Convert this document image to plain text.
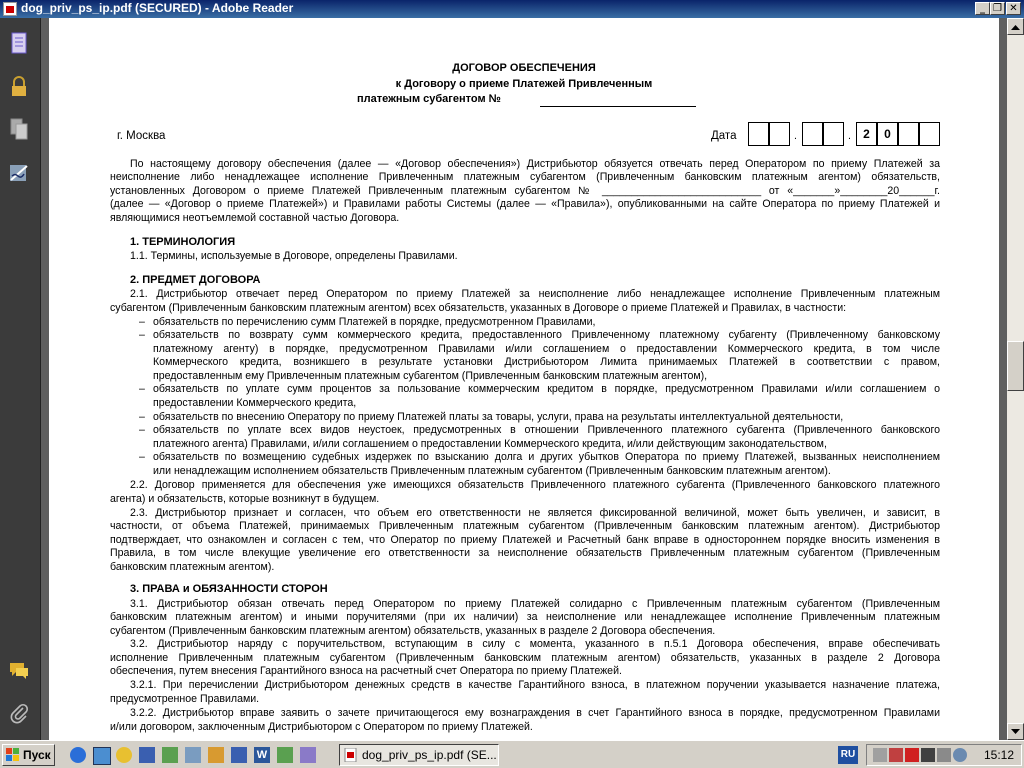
dog_priv_ps_ip.pdf (SECURED) - Adobe Reader	_ ❐ ✕
ДОГОВОР ОБЕСПЕЧЕНИЯ
к Договору о приеме Платежей Привлеченным
платежным субагентом №
г. Москва	Дата	.	.	2	0
По настоящему договору обеспечения (далее — «Договор обеспечения») Дистрибьютор обязуется отвечать перед Оператором по приему Платежей за
неисполнение либо ненадлежащее исполнение Привлеченным платежным субагентом (Привлеченным банковским платежным агентом) обязательств,
установленных Договором о приеме Платежей Привлеченным платежным субагентом № ___________________________ от «_______»________20______г.
(далее — «Договор о приеме Платежей») и Правилами работы Системы (далее — «Правила»), опубликованными на сайте Оператора по приему Платежей и
являющимися неотъемлемой составной частью Договора.
1. ТЕРМИНОЛОГИЯ
1.1. Термины, используемые в Договоре, определены Правилами.
2. ПРЕДМЕТ ДОГОВОРА
2.1. Дистрибьютор отвечает перед Оператором по приему Платежей за неисполнение либо ненадлежащее исполнение Привлеченным платежным
субагентом (Привлеченным банковским платежным агентом) всех обязательств, указанных в Договоре о приеме Платежей и Правилах, в частности:
– обязательств по перечислению сумм Платежей в порядке, предусмотренном Правилами,
– обязательств по возврату сумм коммерческого кредита, предоставленного Привлеченному платежному субагенту (Привлеченному банковскому
платежному агенту) в порядке, предусмотренном Правилами и/или соглашением о предоставлении Коммерческого кредита, в том числе
Коммерческого кредита, возникшего в результате установки Дистрибьютором Лимита принимаемых Платежей в соответствии с правом,
предоставленным ему Привлеченным платежным субагентом (Привлеченным банковским платежным агентом),
– обязательств по уплате сумм процентов за пользование коммерческим кредитом в порядке, предусмотренном Правилами и/или соглашением о
предоставлении Коммерческого кредита,
– обязательств по внесению Оператору по приему Платежей платы за товары, услуги, права на результаты интеллектуальной деятельности,
– обязательств по уплате всех видов неустоек, предусмотренных в отношении Привлеченного платежного субагента (Привлеченного банковского
платежного агента) Правилами, и/или соглашением о предоставлении Коммерческого кредита, и/или действующим законодательством,
– обязательств по возмещению судебных издержек по взысканию долга и других убытков Оператора по приему Платежей, вызванных неисполнением
или ненадлежащим исполнением обязательств Привлеченным платежным субагентом (Привлеченным банковским платежным агентом).
2.2. Договор применяется для обеспечения уже имеющихся обязательств Привлеченного платежного субагента (Привлеченного банковского платежного
агента) и обязательств, которые возникнут в будущем.
2.3. Дистрибьютор признает и согласен, что объем его ответственности не является фиксированной величиной, может быть увеличен, и зависит, в
частности, от объема Платежей, принимаемых Привлеченным платежным субагентом (Привлеченным банковским платежным агентом). Дистрибьютор
подтверждает, что ознакомлен и согласен с тем, что Оператор по приему Платежей и Расчетный банк вправе в одностороннем порядке вносить изменения в
Правила, в том числе влекущие увеличение его ответственности за неисполнение обязательств Привлеченным платежным субагентом (Привлеченным
банковским платежным агентом).
3. ПРАВА и ОБЯЗАННОСТИ СТОРОН
3.1. Дистрибьютор обязан отвечать перед Оператором по приему Платежей солидарно с Привлеченным платежным субагентом (Привлеченным
банковским платежным агентом) и иными поручителями (при их наличии) за неисполнение или ненадлежащее исполнение Привлеченным платежным
субагентом (Привлеченным банковским платежным агентом) обязательств, указанных в разделе 2 Договора обеспечения.
3.2. Дистрибьютор наряду с поручительством, вступающим в силу с момента, указанного в п.5.1 Договора обеспечения, вправе обеспечивать
исполнение Привлеченным платежным субагентом (Привлеченным банковским платежным агентом) обязательств, указанных в разделе 2 Договора
обеспечения, путем внесения Гарантийного взноса на расчетный счет Оператора по приему Платежей.
3.2.1. При перечислении Дистрибьютором денежных средств в качестве Гарантийного взноса, в платежном поручении указывается назначение платежа,
предусмотренное Правилами.
3.2.2. Дистрибьютор вправе заявить о зачете причитающегося ему вознаграждения в счет Гарантийного взноса в порядке, предусмотренном Правилами
и/или договором, заключенным Дистрибьютором с Оператором по приему Платежей.
Пуск	W	dog_priv_ps_ip.pdf (SE...	RU	15:12
